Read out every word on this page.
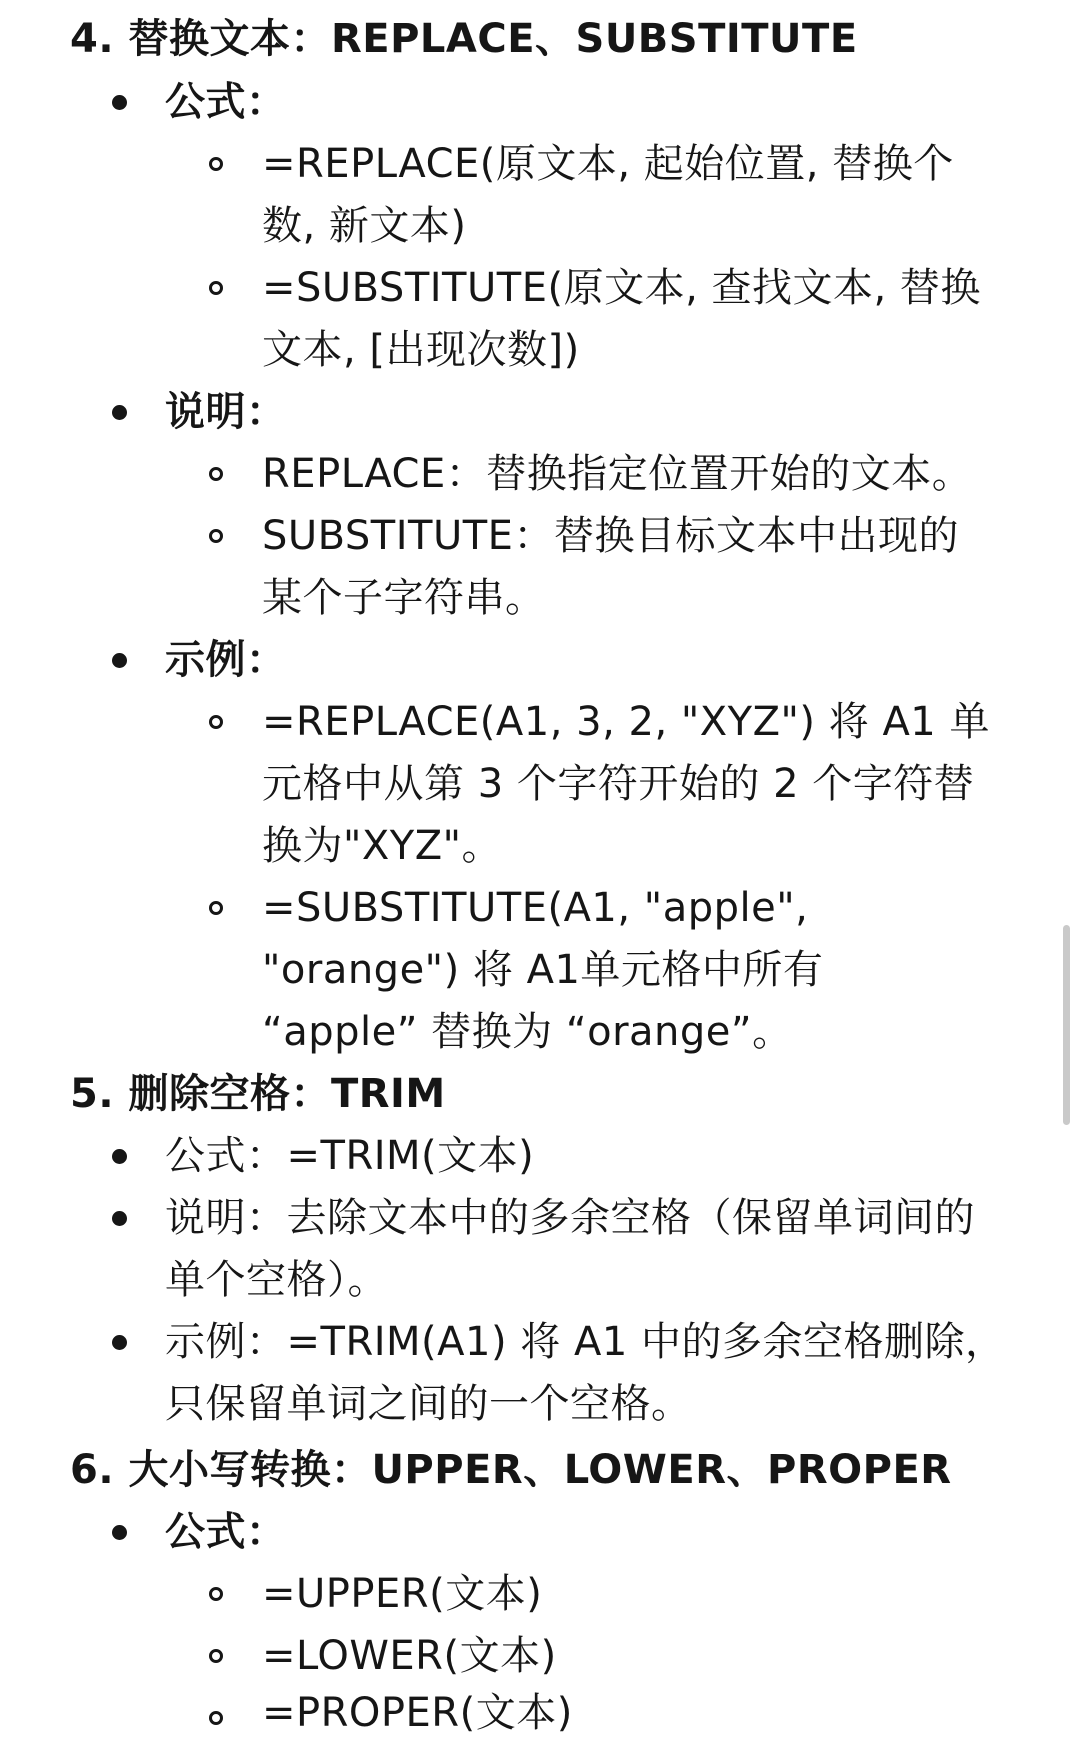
4. 替换文本：REPLACE、SUBSTITUTE
公式：
=REPLACE(原文本, 起始位置, 替换个
数, 新文本)
=SUBSTITUTE(原文本, 查找文本, 替换
文本, [出现次数])
说明：
REPLACE：替换指定位置开始的文本。
SUBSTITUTE：替换目标文本中出现的
某个子字符串。
示例：
=REPLACE(A1, 3, 2, "XYZ") 将 A1 单
元格中从第 3 个字符开始的 2 个字符替
换为"XYZ"。
=SUBSTITUTE(A1, "apple",
"orange") 将 A1单元格中所有
“apple” 替换为 “orange”。
5. 删除空格：TRIM
公式：=TRIM(文本)
说明：去除文本中的多余空格（保留单词间的
单个空格）。
示例：=TRIM(A1) 将 A1 中的多余空格删除，
只保留单词之间的一个空格。
6. 大小写转换：UPPER、LOWER、PROPER
公式：
=UPPER(文本)
=LOWER(文本)
=PROPER(文本)
